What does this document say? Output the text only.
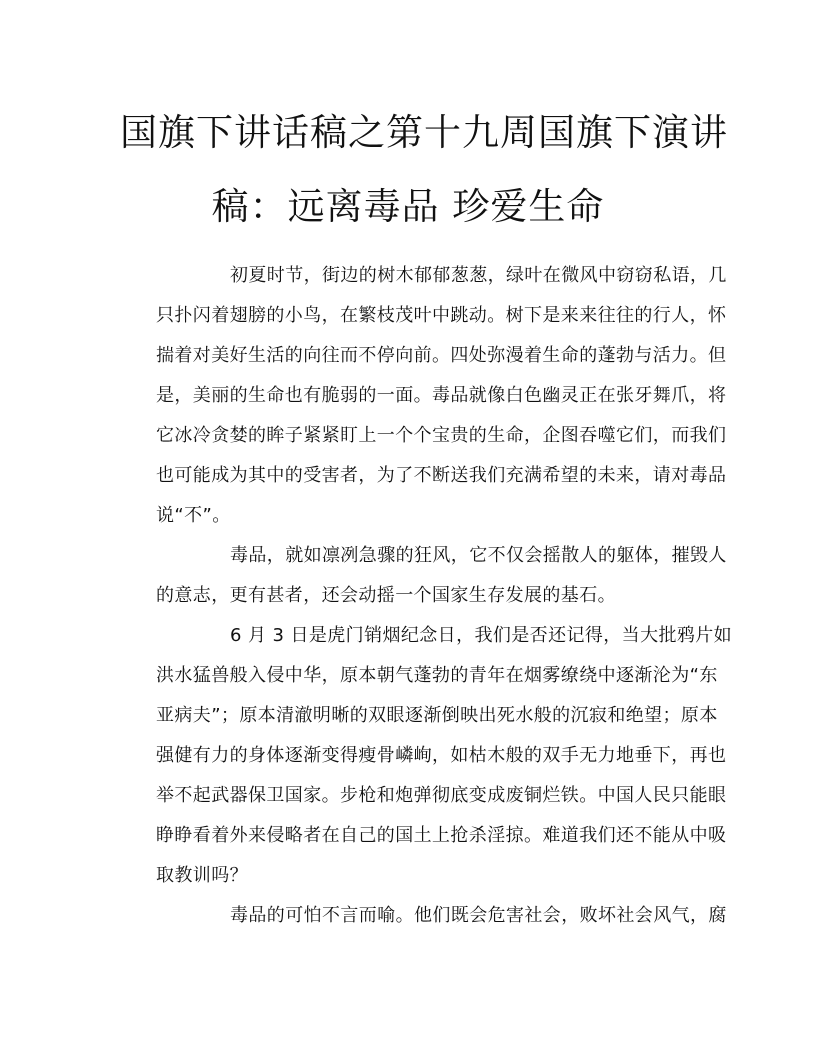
国旗下讲话稿之第十九周国旗下演讲
稿：远离毒品 珍爱生命
初夏时节，街边的树木郁郁葱葱，绿叶在微风中窃窃私语，几
只扑闪着翅膀的小鸟，在繁枝茂叶中跳动。树下是来来往往的行人，怀
揣着对美好生活的向往而不停向前。四处弥漫着生命的蓬勃与活力。但
是，美丽的生命也有脆弱的一面。毒品就像白色幽灵正在张牙舞爪，将
它冰冷贪婪的眸子紧紧盯上一个个宝贵的生命，企图吞噬它们，而我们
也可能成为其中的受害者，为了不断送我们充满希望的未来，请对毒品
说“不”。
毒品，就如凛冽急骤的狂风，它不仅会摇散人的躯体，摧毁人
的意志，更有甚者，还会动摇一个国家生存发展的基石。
6 月 3 日是虎门销烟纪念日，我们是否还记得，当大批鸦片如
洪水猛兽般入侵中华，原本朝气蓬勃的青年在烟雾缭绕中逐渐沦为“东
亚病夫”；原本清澈明晰的双眼逐渐倒映出死水般的沉寂和绝望；原本
强健有力的身体逐渐变得瘦骨嶙峋，如枯木般的双手无力地垂下，再也
举不起武器保卫国家。步枪和炮弹彻底变成废铜烂铁。中国人民只能眼
睁睁看着外来侵略者在自己的国土上抢杀淫掠。难道我们还不能从中吸
取教训吗？
毒品的可怕不言而喻。他们既会危害社会，败坏社会风气，腐
